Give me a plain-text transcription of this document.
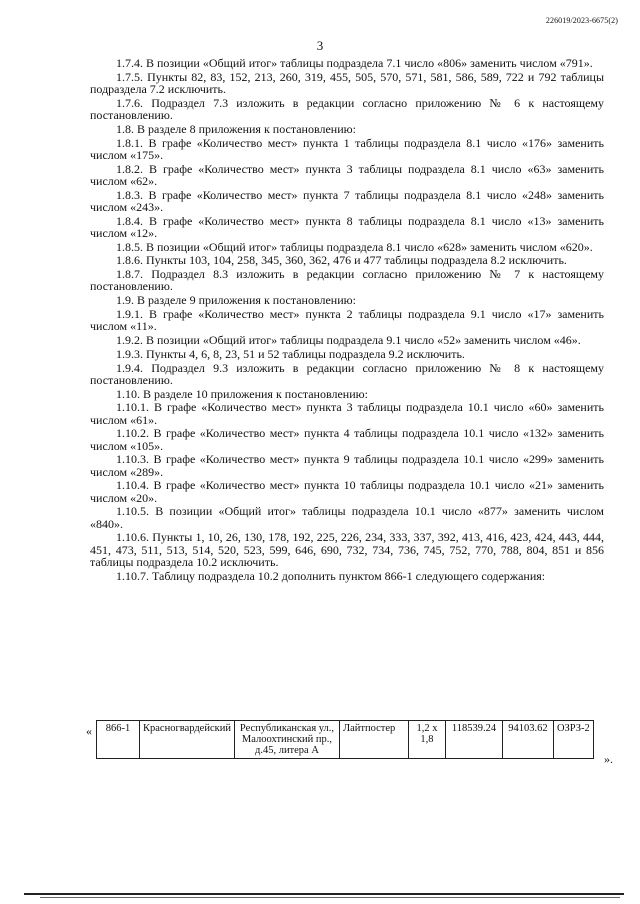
226019/2023-6675(2)
3

1.7.4. В позиции «Общий итог» таблицы подраздела 7.1 число «806» заменить числом «791».

1.7.5. Пункты 82, 83, 152, 213, 260, 319, 455, 505, 570, 571, 581, 586, 589, 722 и 792 таблицы подраздела 7.2 исключить.

1.7.6. Подраздел 7.3 изложить в редакции согласно приложению № 6 к настоящему постановлению.

1.8. В разделе 8 приложения к постановлению:

1.8.1. В графе «Количество мест» пункта 1 таблицы подраздела 8.1 число «176» заменить числом «175».

1.8.2. В графе «Количество мест» пункта 3 таблицы подраздела 8.1 число «63» заменить числом «62».

1.8.3. В графе «Количество мест» пункта 7 таблицы подраздела 8.1 число «248» заменить числом «243».

1.8.4. В графе «Количество мест» пункта 8 таблицы подраздела 8.1 число «13» заменить числом «12».

1.8.5. В позиции «Общий итог» таблицы подраздела 8.1 число «628» заменить числом «620».

1.8.6. Пункты 103, 104, 258, 345, 360, 362, 476 и 477 таблицы подраздела 8.2 исключить.

1.8.7. Подраздел 8.3 изложить в редакции согласно приложению № 7 к настоящему постановлению.

1.9. В разделе 9 приложения к постановлению:

1.9.1. В графе «Количество мест» пункта 2 таблицы подраздела 9.1 число «17» заменить числом «11».

1.9.2. В позиции «Общий итог» таблицы подраздела 9.1 число «52» заменить числом «46».

1.9.3. Пункты 4, 6, 8, 23, 51 и 52 таблицы подраздела 9.2 исключить.

1.9.4. Подраздел 9.3 изложить в редакции согласно приложению № 8 к настоящему постановлению.

1.10. В разделе 10 приложения к постановлению:

1.10.1. В графе «Количество мест» пункта 3 таблицы подраздела 10.1 число «60» заменить числом «61».

1.10.2. В графе «Количество мест» пункта 4 таблицы подраздела 10.1 число «132» заменить числом «105».

1.10.3. В графе «Количество мест» пункта 9 таблицы подраздела 10.1 число «299» заменить числом «289».

1.10.4. В графе «Количество мест» пункта 10 таблицы подраздела 10.1 число «21» заменить числом «20».

1.10.5. В позиции «Общий итог» таблицы подраздела 10.1 число «877» заменить числом «840».

1.10.6. Пункты 1, 10, 26, 130, 178, 192, 225, 226, 234, 333, 337, 392, 413, 416, 423, 424, 443, 444, 451, 473, 511, 513, 514, 520, 523, 599, 646, 690, 732, 734, 736, 745, 752, 770, 788, 804, 851 и 856 таблицы подраздела 10.2 исключить.

1.10.7. Таблицу подраздела 10.2 дополнить пунктом 866-1 следующего содержания:

« 866-1	Красногвардейский	Республиканская ул., Малоохтинский пр., д.45, литера А	Лайтпостер	1,2 x 1,8	118539.24	94103.62	ОЗРЗ-2
».
